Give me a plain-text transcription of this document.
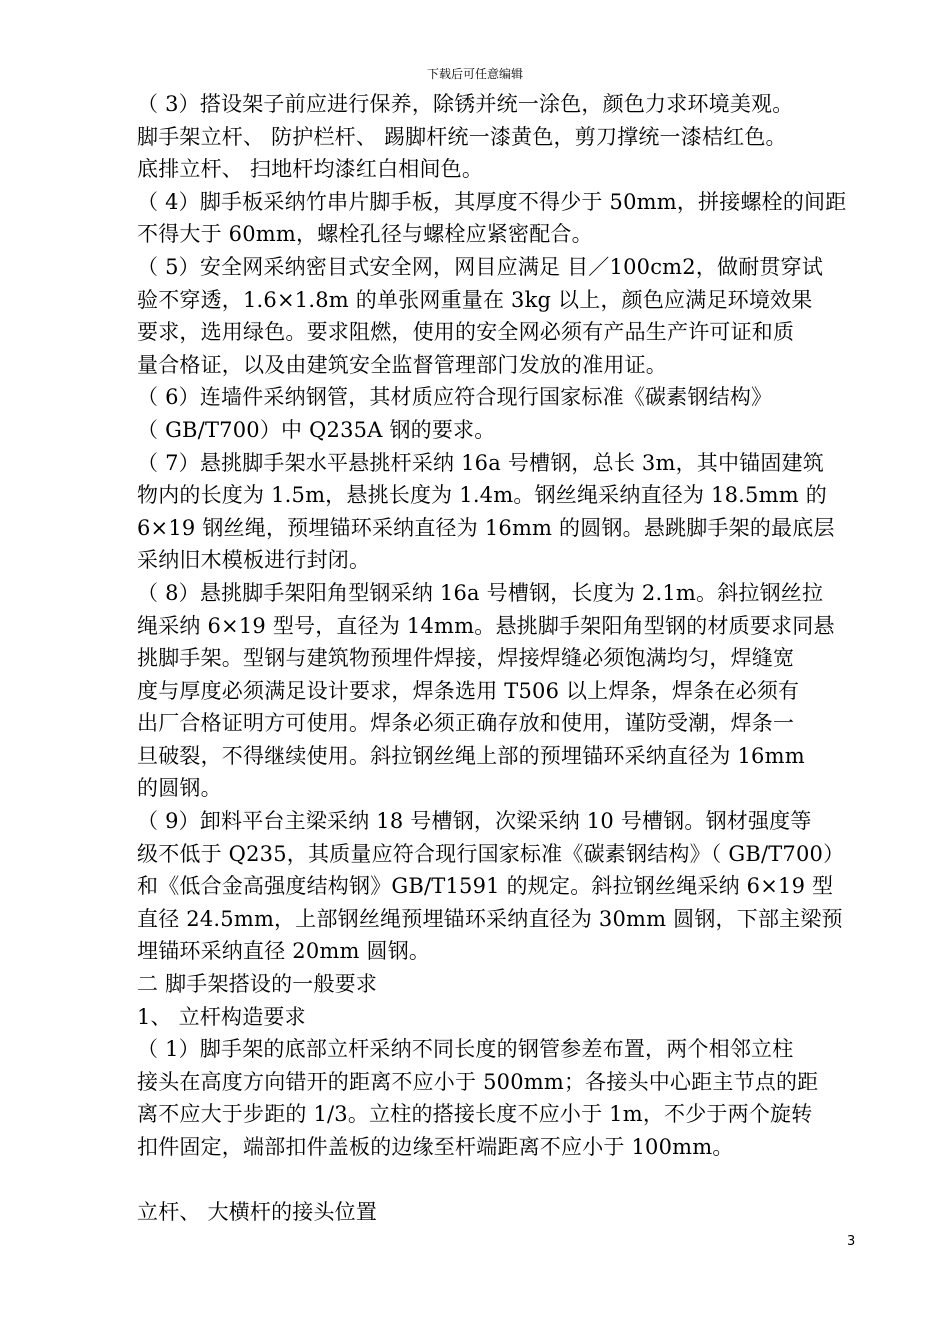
下载后可任意编辑
（ 3）搭设架子前应进行保养，除锈并统一涂色，颜色力求环境美观。
脚手架立杆、 防护栏杆、 踢脚杆统一漆黄色，剪刀撑统一漆桔红色。
底排立杆、 扫地杆均漆红白相间色。
（ 4）脚手板采纳竹串片脚手板，其厚度不得少于 50mm，拼接螺栓的间距
不得大于 60mm，螺栓孔径与螺栓应紧密配合。
（ 5）安全网采纳密目式安全网，网目应满足 目／100cm2，做耐贯穿试
验不穿透，1.6×1.8m 的单张网重量在 3kg 以上，颜色应满足环境效果
要求，选用绿色。要求阻燃，使用的安全网必须有产品生产许可证和质
量合格证，以及由建筑安全监督管理部门发放的准用证。
（ 6）连墙件采纳钢管，其材质应符合现行国家标准《碳素钢结构》
（ GB/T700）中 Q235A 钢的要求。
（ 7）悬挑脚手架水平悬挑杆采纳 16a 号槽钢，总长 3m，其中锚固建筑
物内的长度为 1.5m，悬挑长度为 1.4m。钢丝绳采纳直径为 18.5mm 的
6×19 钢丝绳，预埋锚环采纳直径为 16mm 的圆钢。悬跳脚手架的最底层
采纳旧木模板进行封闭。
（ 8）悬挑脚手架阳角型钢采纳 16a 号槽钢，长度为 2.1m。斜拉钢丝拉
绳采纳 6×19 型号，直径为 14mm。悬挑脚手架阳角型钢的材质要求同悬
挑脚手架。型钢与建筑物预埋件焊接，焊接焊缝必须饱满均匀，焊缝宽
度与厚度必须满足设计要求，焊条选用 T506 以上焊条，焊条在必须有
出厂合格证明方可使用。焊条必须正确存放和使用，谨防受潮，焊条一
旦破裂，不得继续使用。斜拉钢丝绳上部的预埋锚环采纳直径为 16mm
的圆钢。
（ 9）卸料平台主梁采纳 18 号槽钢，次梁采纳 10 号槽钢。钢材强度等
级不低于 Q235，其质量应符合现行国家标准《碳素钢结构》（ GB/T700）
和《低合金高强度结构钢》GB/T1591 的规定。斜拉钢丝绳采纳 6×19 型
直径 24.5mm，上部钢丝绳预埋锚环采纳直径为 30mm 圆钢，下部主梁预
埋锚环采纳直径 20mm 圆钢。
二 脚手架搭设的一般要求
1、 立杆构造要求
（ 1）脚手架的底部立杆采纳不同长度的钢管参差布置，两个相邻立柱
接头在高度方向错开的距离不应小于 500mm；各接头中心距主节点的距
离不应大于步距的 1/3。立柱的搭接长度不应小于 1m，不少于两个旋转
扣件固定，端部扣件盖板的边缘至杆端距离不应小于 100mm。
立杆、 大横杆的接头位置
3
